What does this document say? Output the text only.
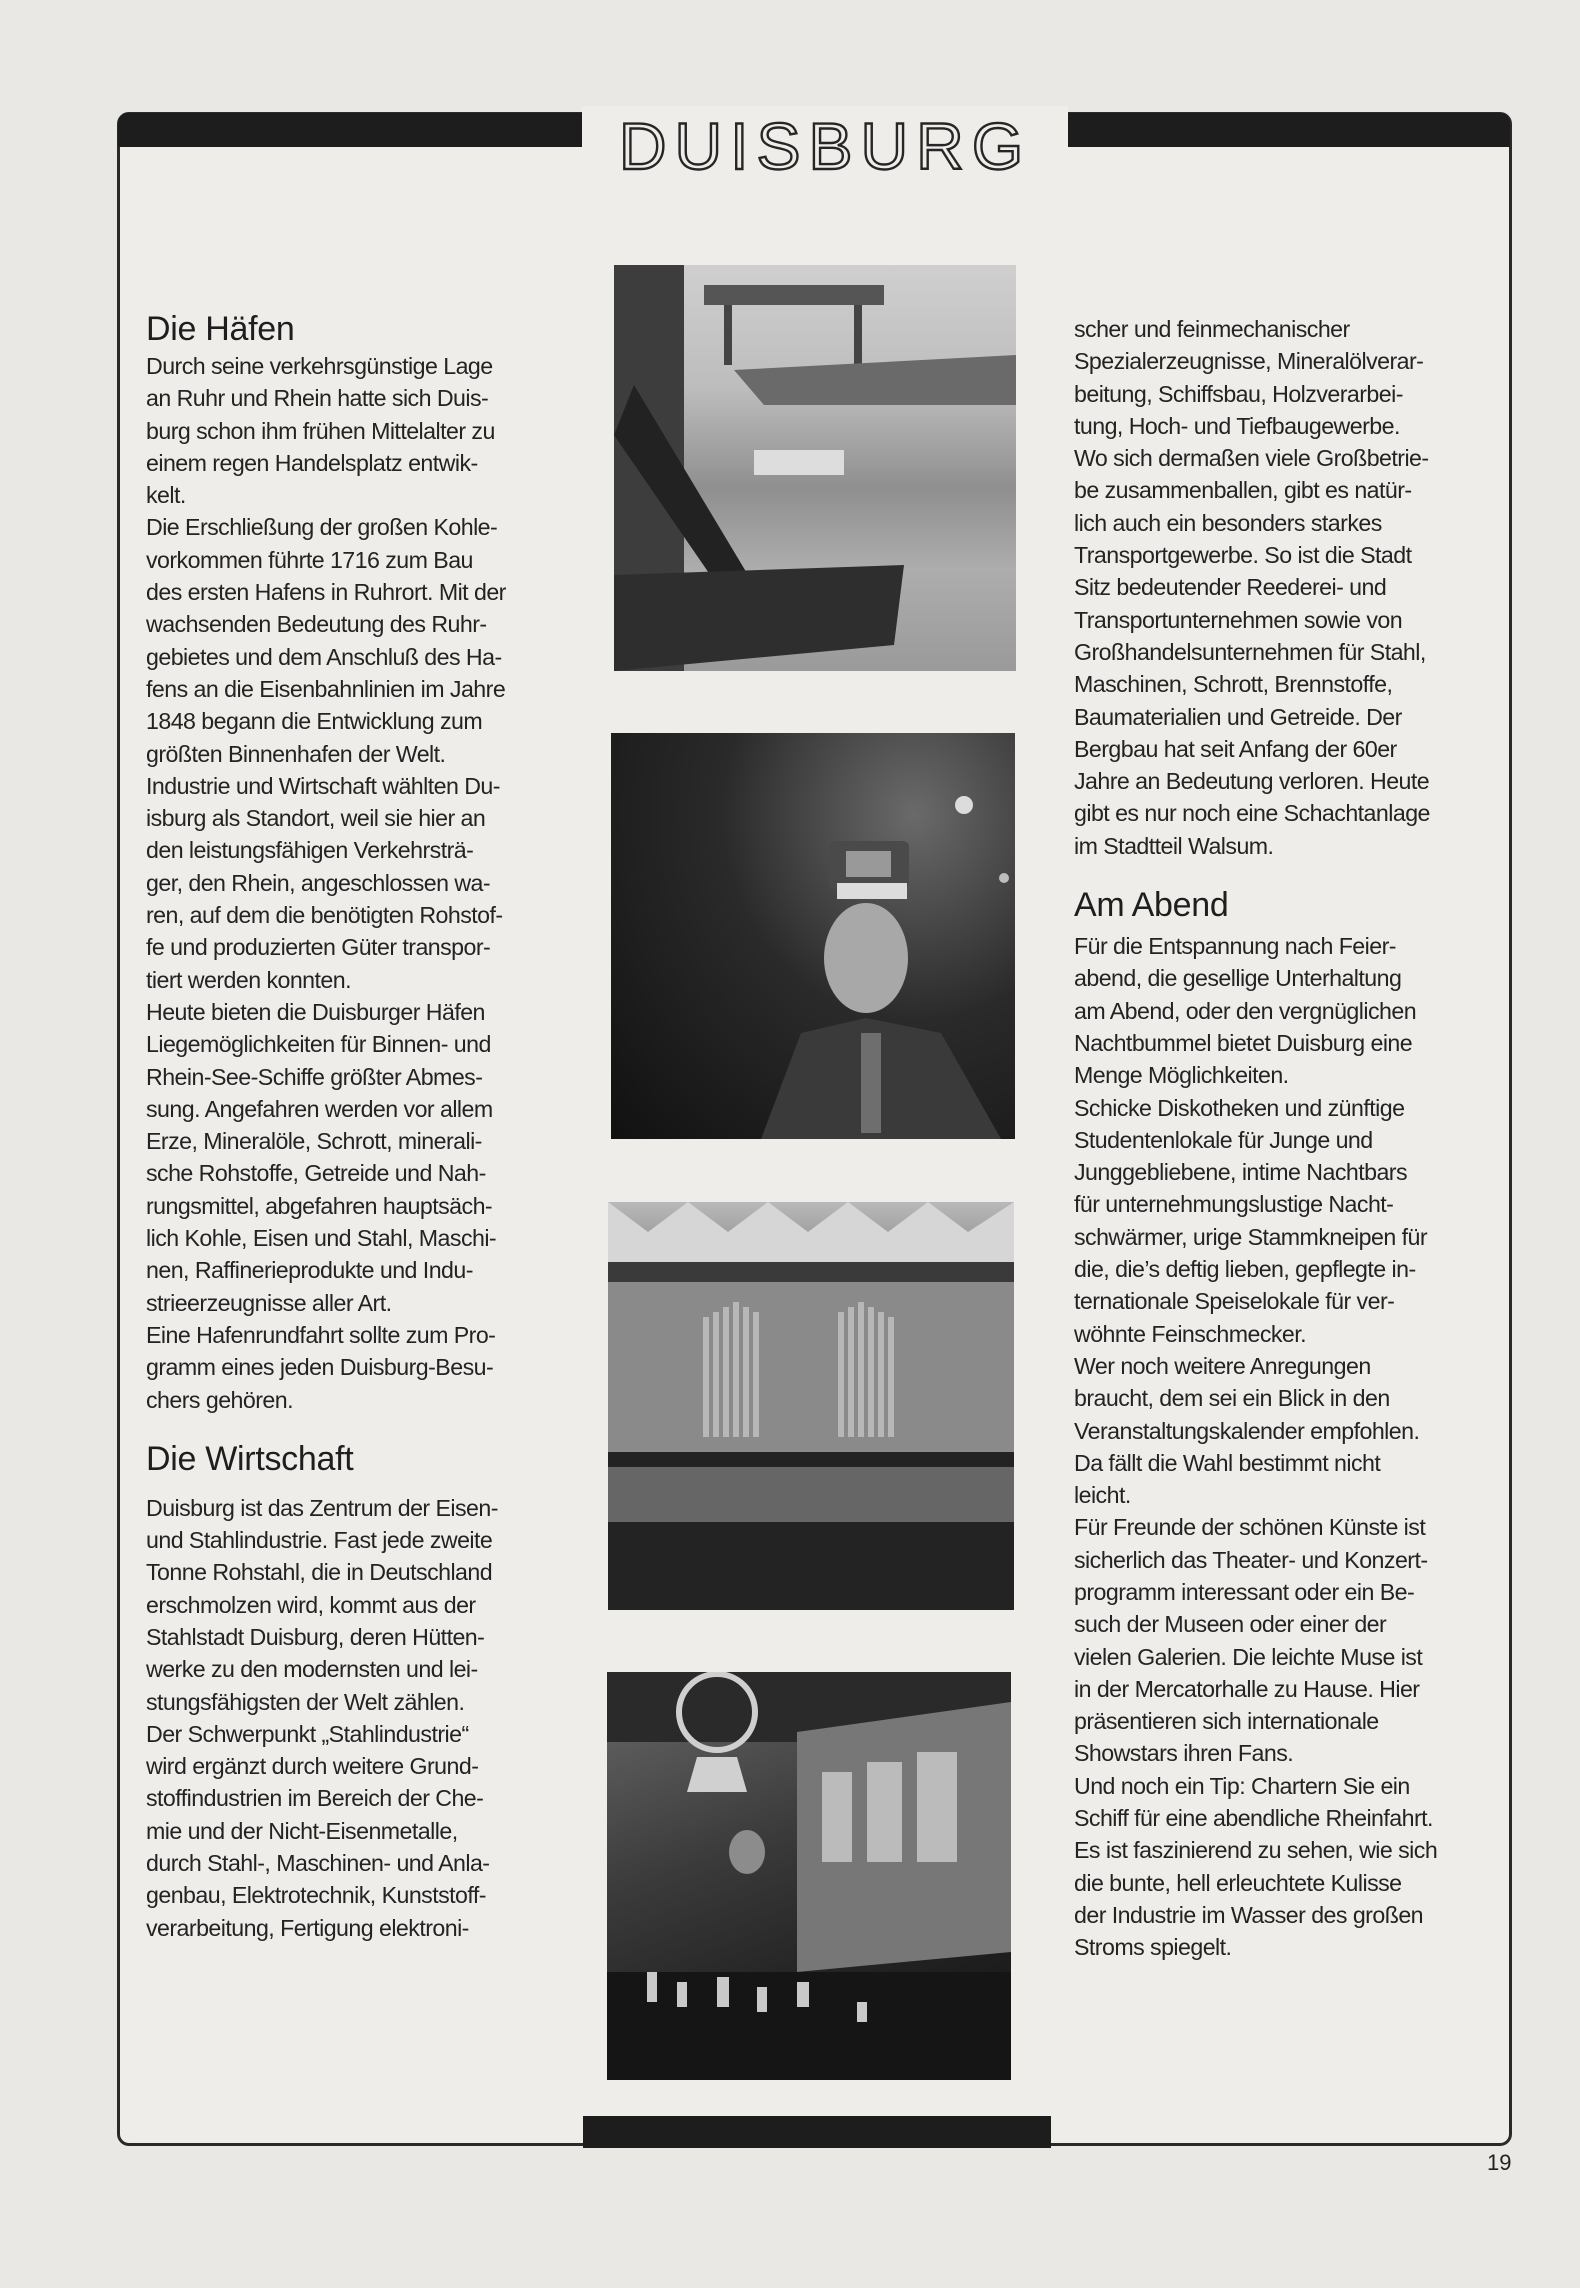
DUISBURG
Die Häfen

Durch seine verkehrsgünstige Lage

an Ruhr und Rhein hatte sich Duis-

burg schon ihm frühen Mittelalter zu

einem regen Handelsplatz entwik-

kelt.

Die Erschließung der großen Kohle-

vorkommen führte 1716 zum Bau

des ersten Hafens in Ruhrort. Mit der

wachsenden Bedeutung des Ruhr-

gebietes und dem Anschluß des Ha-

fens an die Eisenbahnlinien im Jahre

1848 begann die Entwicklung zum

größten Binnenhafen der Welt.

Industrie und Wirtschaft wählten Du-

isburg als Standort, weil sie hier an

den leistungsfähigen Verkehrsträ-

ger, den Rhein, angeschlossen wa-

ren, auf dem die benötigten Rohstof-

fe und produzierten Güter transpor-

tiert werden konnten.

Heute bieten die Duisburger Häfen

Liegemöglichkeiten für Binnen- und

Rhein-See-Schiffe größter Abmes-

sung. Angefahren werden vor allem

Erze, Mineralöle, Schrott, minerali-

sche Rohstoffe, Getreide und Nah-

rungsmittel, abgefahren hauptsäch-

lich Kohle, Eisen und Stahl, Maschi-

nen, Raffinerieprodukte und Indu-

strieerzeugnisse aller Art.

Eine Hafenrundfahrt sollte zum Pro-

gramm eines jeden Duisburg-Besu-

chers gehören.

Die Wirtschaft

Duisburg ist das Zentrum der Eisen-

und Stahlindustrie. Fast jede zweite

Tonne Rohstahl, die in Deutschland

erschmolzen wird, kommt aus der

Stahlstadt Duisburg, deren Hütten-

werke zu den modernsten und lei-

stungsfähigsten der Welt zählen.

Der Schwerpunkt „Stahlindustrie“

wird ergänzt durch weitere Grund-

stoffindustrien im Bereich der Che-

mie und der Nicht-Eisenmetalle,

durch Stahl-, Maschinen- und Anla-

genbau, Elektrotechnik, Kunststoff-

verarbeitung, Fertigung elektroni-

scher und feinmechanischer

Spezialerzeugnisse, Mineralölverar-

beitung, Schiffsbau, Holzverarbei-

tung, Hoch- und Tiefbaugewerbe.

Wo sich dermaßen viele Großbetrie-

be zusammenballen, gibt es natür-

lich auch ein besonders starkes

Transportgewerbe. So ist die Stadt

Sitz bedeutender Reederei- und

Transportunternehmen sowie von

Großhandelsunternehmen für Stahl,

Maschinen, Schrott, Brennstoffe,

Baumaterialien und Getreide. Der

Bergbau hat seit Anfang der 60er

Jahre an Bedeutung verloren. Heute

gibt es nur noch eine Schachtanlage

im Stadtteil Walsum.

Am Abend

Für die Entspannung nach Feier-

abend, die gesellige Unterhaltung

am Abend, oder den vergnüglichen

Nachtbummel bietet Duisburg eine

Menge Möglichkeiten.

Schicke Diskotheken und zünftige

Studentenlokale für Junge und

Junggebliebene, intime Nachtbars

für unternehmungslustige Nacht-

schwärmer, urige Stammkneipen für

die, die’s deftig lieben, gepflegte in-

ternationale Speiselokale für ver-

wöhnte Feinschmecker.

Wer noch weitere Anregungen

braucht, dem sei ein Blick in den

Veranstaltungskalender empfohlen.

Da fällt die Wahl bestimmt nicht

leicht.

Für Freunde der schönen Künste ist

sicherlich das Theater- und Konzert-

programm interessant oder ein Be-

such der Museen oder einer der

vielen Galerien. Die leichte Muse ist

in der Mercatorhalle zu Hause. Hier

präsentieren sich internationale

Showstars ihren Fans.

Und noch ein Tip: Chartern Sie ein

Schiff für eine abendliche Rheinfahrt.

Es ist faszinierend zu sehen, wie sich

die bunte, hell erleuchtete Kulisse

der Industrie im Wasser des großen

Stroms spiegelt.

19
